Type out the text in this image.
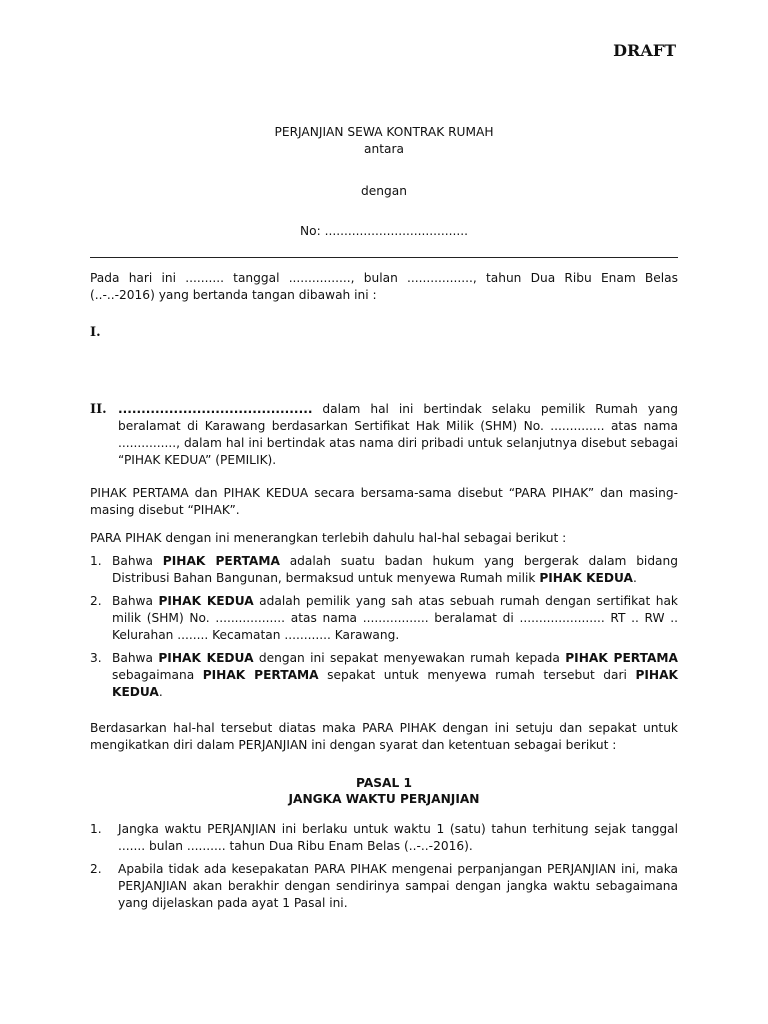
DRAFT
PERJANJIAN SEWA KONTRAK RUMAH
antara
dengan
No: .....................................
Pada hari ini .......... tanggal ................, bulan ................., tahun Dua Ribu Enam Belas (..-..-2016) yang bertanda tangan dibawah ini :
I.
II. .......................................... dalam hal ini bertindak selaku pemilik Rumah yang beralamat di Karawang berdasarkan Sertifikat Hak Milik (SHM) No. .............. atas nama ..............., dalam hal ini bertindak atas nama diri pribadi untuk selanjutnya disebut sebagai “PIHAK KEDUA” (PEMILIK).
PIHAK PERTAMA dan PIHAK KEDUA secara bersama-sama disebut “PARA PIHAK” dan masing-masing disebut “PIHAK”.
PARA PIHAK dengan ini menerangkan terlebih dahulu hal-hal sebagai berikut :
1. Bahwa PIHAK PERTAMA adalah suatu badan hukum yang bergerak dalam bidang Distribusi Bahan Bangunan, bermaksud untuk menyewa Rumah milik PIHAK KEDUA.
2. Bahwa PIHAK KEDUA adalah pemilik yang sah atas sebuah rumah dengan sertifikat hak milik (SHM) No. .................. atas nama ................. beralamat di ...................... RT .. RW .. Kelurahan ........ Kecamatan ............ Karawang.
3. Bahwa PIHAK KEDUA dengan ini sepakat menyewakan rumah kepada PIHAK PERTAMA sebagaimana PIHAK PERTAMA sepakat untuk menyewa rumah tersebut dari PIHAK KEDUA.
Berdasarkan hal-hal tersebut diatas maka PARA PIHAK dengan ini setuju dan sepakat untuk mengikatkan diri dalam PERJANJIAN ini dengan syarat dan ketentuan sebagai berikut :
PASAL 1
JANGKA WAKTU PERJANJIAN
1. Jangka waktu PERJANJIAN ini berlaku untuk waktu 1 (satu) tahun terhitung sejak tanggal ....... bulan .......... tahun Dua Ribu Enam Belas (..-..-2016).
2. Apabila tidak ada kesepakatan PARA PIHAK mengenai perpanjangan PERJANJIAN ini, maka PERJANJIAN akan berakhir dengan sendirinya sampai dengan jangka waktu sebagaimana yang dijelaskan pada ayat 1 Pasal ini.
